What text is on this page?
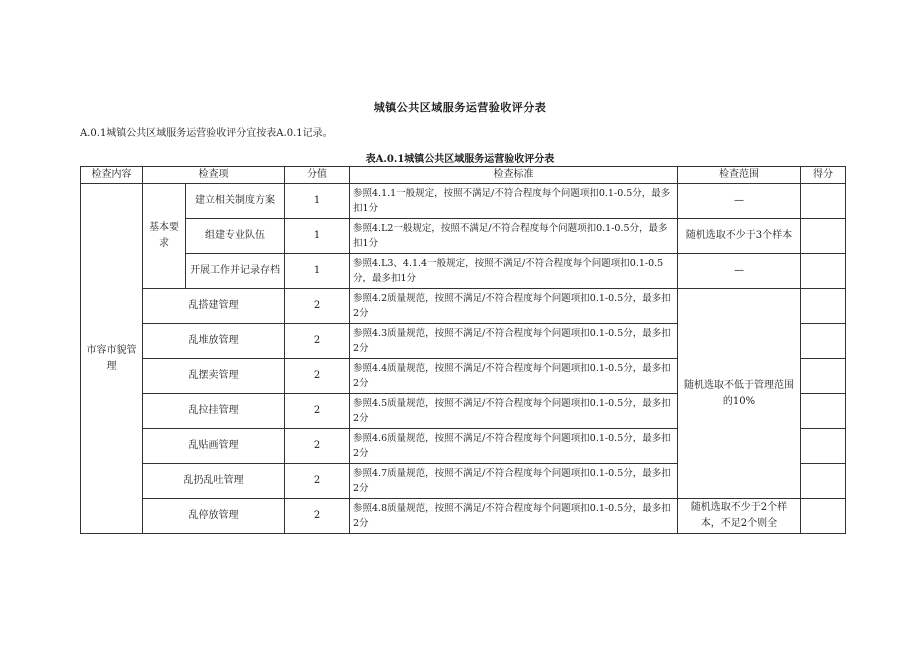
城镇公共区域服务运营验收评分表
A.0.1城镇公共区域服务运营验收评分宜按表A.0.1记录。
表A.0.1城镇公共区域服务运营验收评分表
检查内容	检查项		分值	检查标准	检查范围	得分
市容市貌管理	基本要求	建立相关制度方案	1	参照4.1.1一般规定，按照不满足/不符合程度每个问题项扣0.1-0.5分，最多扣1分	—	
		组建专业队伍	1	参照4.L2一般规定，按照不满足/不符合程度每个问题项扣0.1-0.5分，最多扣1分	随机选取不少于3个样本	
		开展工作并记录存档	1	参照4.L3、4.1.4一般规定，按照不满足/不符合程度每个问题项扣0.1-0.5分，最多扣1分	—	
	乱搭建管理		2	参照4.2质量规范，按照不满足/不符合程度每个问题项扣0.1-0.5分，最多扣2分	随机选取不低于管理范围的10%	
	乱堆放管理		2	参照4.3质量规范，按照不满足/不符合程度每个问题项扣0.1-0.5分，最多扣2分		
	乱摆卖管理		2	参照4.4质量规范，按照不满足/不符合程度每个问题项扣0.1-0.5分，最多扣2分		
	乱拉挂管理		2	参照4.5质量规范，按照不满足/不符合程度每个问题项扣0.1-0.5分，最多扣2分		
	乱贴画管理		2	参照4.6质量规范，按照不满足/不符合程度每个问题项扣0.1-0.5分，最多扣2分		
	乱扔乱吐管理		2	参照4.7质量规范，按照不满足/不符合程度每个问题项扣0.1-0.5分，最多扣2分		
	乱停放管理		2	参照4.8质量规范，按照不满足/不符合程度每个问题项扣0.1-0.5分，最多扣2分	随机选取不少于2个样本，不足2个则全	
